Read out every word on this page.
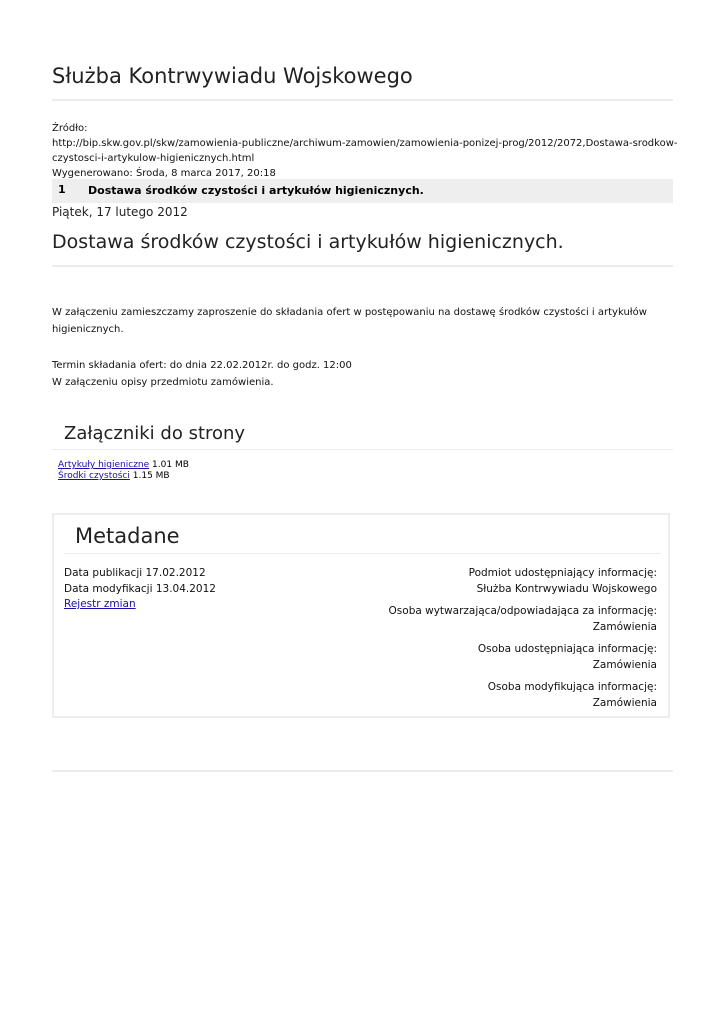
Służba Kontrwywiadu Wojskowego
Źródło:
http://bip.skw.gov.pl/skw/zamowienia-publiczne/archiwum-zamowien/zamowienia-ponizej-prog/2012/2072,Dostawa-srodkow-
czystosci-i-artykulow-higienicznych.html
Wygenerowano: Środa, 8 marca 2017, 20:18
1 Dostawa środków czystości i artykułów higienicznych.
Piątek, 17 lutego 2012
Dostawa środków czystości i artykułów higienicznych.

W załączeniu zamieszczamy zaproszenie do składania ofert w postępowaniu na dostawę środków czystości i artykułów higienicznych.

Termin składania ofert: do dnia 22.02.2012r. do godz. 12:00

W załączeniu opisy przedmiotu zamówienia.

Załączniki do strony
Artykuły higieniczne 1.01 MB
Środki czystości 1.15 MB
Metadane
Data publikacji 17.02.2012
Data modyfikacji 13.04.2012
Rejestr zmian
Podmiot udostępniający informację:
Służba Kontrwywiadu Wojskowego
Osoba wytwarzająca/odpowiadająca za informację:
Zamówienia
Osoba udostępniająca informację:
Zamówienia
Osoba modyfikująca informację:
Zamówienia
